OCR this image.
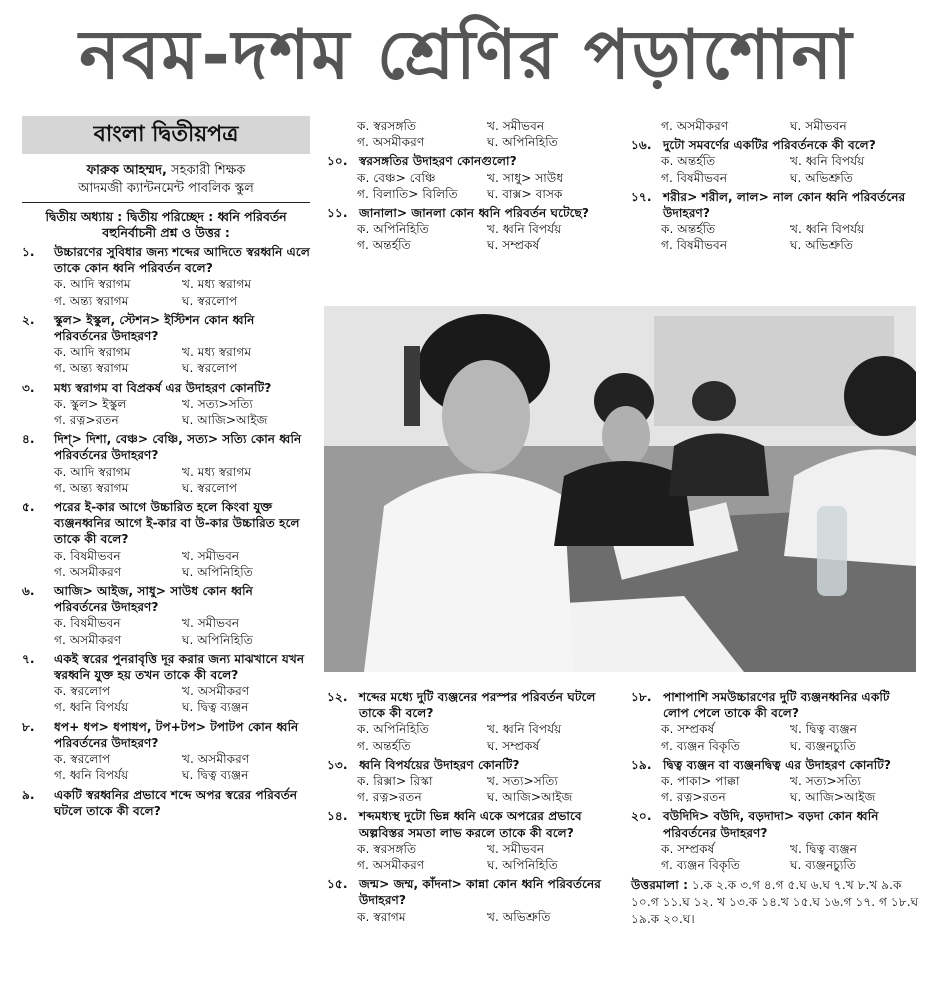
নবম-দশম শ্রেণির পড়াশোনা
বাংলা দ্বিতীয়পত্র
ফারুক আহম্মদ, সহকারী শিক্ষক
আদমজী ক্যান্টনমেন্ট পাবলিক স্কুল
দ্বিতীয় অধ্যায় : দ্বিতীয় পরিচ্ছেদ : ধ্বনি পরিবর্তন
বহুনির্বাচনী প্রশ্ন ও উত্তর :
১.	উচ্চারণের সুবিধার জন্য শব্দের আদিতে স্বরধ্বনি এলে তাকে কোন ধ্বনি পরিবর্তন বলে?
ক. আদি স্বরাগম	খ. মধ্য স্বরাগম
গ. অন্ত্য স্বরাগম	ঘ. স্বরলোপ
২.	স্কুল> ইস্কুল, স্টেশন> ইস্টিশন কোন ধ্বনি পরিবর্তনের উদাহরণ?
ক. আদি স্বরাগম	খ. মধ্য স্বরাগম
গ. অন্ত্য স্বরাগম	ঘ. স্বরলোপ
৩.	মধ্য স্বরাগম বা বিপ্রকর্ষ এর উদাহরণ কোনটি?
ক. স্কুল> ইস্কুল	খ. সত্য>সত্যি
গ. রত্ন>রতন	ঘ. আজি>আইজ
৪.	দিশ্> দিশা, বেঞ্চ> বেঞ্চি, সত্য> সত্যি কোন ধ্বনি পরিবর্তনের উদাহরণ?
ক. আদি স্বরাগম	খ. মধ্য স্বরাগম
গ. অন্ত্য স্বরাগম	ঘ. স্বরলোপ
৫.	পরের ই-কার আগে উচ্চারিত হলে কিংবা যুক্ত ব্যঞ্জনধ্বনির আগে ই-কার বা উ-কার উচ্চারিত হলে তাকে কী বলে?
ক. বিষমীভবন	খ. সমীভবন
গ. অসমীকরণ	ঘ. অপিনিহিতি
৬.	আজি> আইজ, সাধু> সাউধ কোন ধ্বনি পরিবর্তনের উদাহরণ?
ক. বিষমীভবন	খ. সমীভবন
গ. অসমীকরণ	ঘ. অপিনিহিতি
৭.	একই স্বরের পুনরাবৃত্তি দূর করার জন্য মাঝখানে যখন স্বরধ্বনি যুক্ত হয় তখন তাকে কী বলে?
ক. স্বরলোপ	খ. অসমীকরণ
গ. ধ্বনি বিপর্যয়	ঘ. দ্বিত্ব ব্যঞ্জন
৮.	ধপ+ ধপ> ধপাধপ, টপ+টপ> টপাটপ কোন ধ্বনি পরিবর্তনের উদাহরণ?
ক. স্বরলোপ	খ. অসমীকরণ
গ. ধ্বনি বিপর্যয়	ঘ. দ্বিত্ব ব্যঞ্জন
৯.	একটি স্বরধ্বনির প্রভাবে শব্দে অপর স্বরের পরিবর্তন ঘটলে তাকে কী বলে?
ক. স্বরসঙ্গতি	খ. সমীভবন
গ. অসমীকরণ	ঘ. অপিনিহিতি
১০. স্বরসঙ্গতির উদাহরণ কোনগুলো?
ক. বেঞ্চ> বেঞ্চি	খ. সাধু> সাউধ
গ. বিলাতি> বিলিতি	ঘ. বাক্স> বাসক
১১. জানালা> জানলা কোন ধ্বনি পরিবর্তন ঘটেছে?
ক. অপিনিহিতি	খ. ধ্বনি বিপর্যয়
গ. অন্তর্হতি	ঘ. সম্প্রকর্ষ
গ. অসমীকরণ	ঘ. সমীভবন
১৬. দুটো সমবর্ণের একটির পরিবর্তনকে কী বলে?
ক. অন্তর্হতি	খ. ধ্বনি বিপর্যয়
গ. বিষমীভবন	ঘ. অভিশ্রুতি
১৭. শরীর> শরীল, লাল> নাল কোন ধ্বনি পরিবর্তনের উদাহরণ?
ক. অন্তর্হতি	খ. ধ্বনি বিপর্যয়
গ. বিষমীভবন	ঘ. অভিশ্রুতি
১২. শব্দের মধ্যে দুটি ব্যঞ্জনের পরস্পর পরিবর্তন ঘটলে তাকে কী বলে?
ক. অপিনিহিতি	খ. ধ্বনি বিপর্যয়
গ. অন্তর্হতি	ঘ. সম্প্রকর্ষ
১৩. ধ্বনি বিপর্যয়ের উদাহরণ কোনটি?
ক. রিক্সা> রিস্কা	খ. সত্য>সত্যি
গ. রত্ন>রতন	ঘ. আজি>আইজ
১৪. শব্দমধ্যস্থ দুটো ভিন্ন ধ্বনি একে অপরের প্রভাবে অল্পবিস্তর সমতা লাভ করলে তাকে কী বলে?
ক. স্বরসঙ্গতি	খ. সমীভবন
গ. অসমীকরণ	ঘ. অপিনিহিতি
১৫. জন্ম> জম্ম, কাঁদনা> কান্না কোন ধ্বনি পরিবর্তনের উদাহরণ?
ক. স্বরাগম	খ. অভিশ্রুতি
১৮. পাশাপাশি সমউচ্চারণের দুটি ব্যঞ্জনধ্বনির একটি লোপ পেলে তাকে কী বলে?
ক. সম্প্রকর্ষ	খ. দ্বিত্ব ব্যঞ্জন
গ. ব্যঞ্জন বিকৃতি	ঘ. ব্যঞ্জনচ্যুতি
১৯. দ্বিত্ব ব্যঞ্জন বা ব্যঞ্জনদ্বিত্ব এর উদাহরণ কোনটি?
ক. পাকা> পাক্কা	খ. সত্য>সত্যি
গ. রত্ন>রতন	ঘ. আজি>আইজ
২০. বউদিদি> বউদি, বড়দাদা> বড়দা কোন ধ্বনি পরিবর্তনের উদাহরণ?
ক. সম্প্রকর্ষ	খ. দ্বিত্ব ব্যঞ্জন
গ. ব্যঞ্জন বিকৃতি	ঘ. ব্যঞ্জনচ্যুতি
উত্তরমালা : ১.ক ২.ক ৩.গ ৪.গ ৫.ঘ ৬.ঘ ৭.খ ৮.খ ৯.ক ১০.গ ১১.ঘ ১২. খ ১৩.ক ১৪.খ ১৫.ঘ ১৬.গ ১৭. গ ১৮.ঘ ১৯.ক ২০.ঘ।
